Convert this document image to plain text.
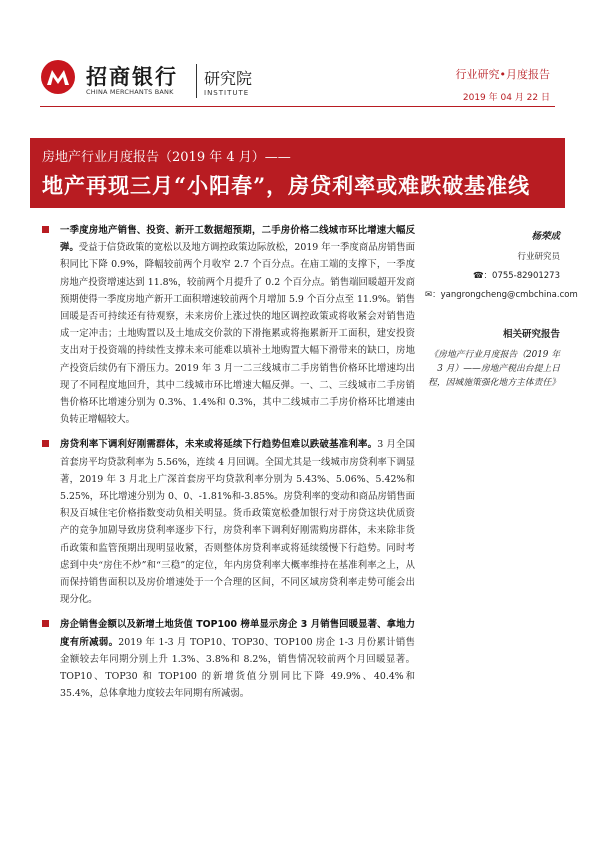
招商银行
CHINA MERCHANTS BANK
研究院
INSTITUTE
行业研究•月度报告
2019 年 04 月 22 日
房地产行业月度报告（2019 年 4 月）——
地产再现三月“小阳春”，房贷利率或难跌破基准线

一季度房地产销售、投资、新开工数据超预期，二手房价格二线城市环比增速大幅反弹。受益于信贷政策的宽松以及地方调控政策边际放松，2019 年一季度商品房销售面积同比下降 0.9%，降幅较前两个月收窄 2.7 个百分点。在庙工端的支撑下，一季度房地产投资增速达到 11.8%，较前两个月提升了 0.2 个百分点。销售端回暖超开发商预期使得一季度房地产新开工面积增速较前两个月增加 5.9 个百分点至 11.9%。销售回暖是否可持续还有待观察，未来房价上涨过快的地区调控政策或将收紧会对销售造成一定冲击；土地购置以及土地成交价款的下滑拖累或将拖累新开工面积，建安投资支出对于投资端的持续性支撑未来可能难以填补土地购置大幅下滑带来的缺口，房地产投资后续仍有下滑压力。2019 年 3 月一二三线城市二手房销售价格环比增速均出现了不同程度地回升，其中二线城市环比增速大幅反弹。一、二、三线城市二手房销售价格环比增速分别为 0.3%、1.4%和 0.3%，其中二线城市二手房价格环比增速由负转正增幅较大。

房贷利率下调利好刚需群体，未来或将延续下行趋势但难以跌破基准利率。3 月全国首套房平均贷款利率为 5.56%，连续 4 月回调。全国尤其是一线城市房贷利率下调显著，2019 年 3 月北上广深首套房平均贷款利率分别为 5.43%、5.06%、5.42%和 5.25%，环比增速分别为 0、0、-1.81%和-3.85%。房贷利率的变动和商品房销售面积及百城住宅价格指数变动负相关明显。货币政策宽松叠加银行对于房贷这块优质资产的竞争加剧导致房贷利率逐步下行，房贷利率下调利好刚需购房群体，未来除非货币政策和监管预期出现明显收紧，否则整体房贷利率或将延续缓慢下行趋势。同时考虑到中央“房住不炒”和“三稳”的定位，年内房贷利率大概率维持在基准利率之上，从而保持销售面积以及房价增速处于一个合理的区间，不同区域房贷利率走势可能会出现分化。

房企销售金额以及新增土地货值 TOP100 榜单显示房企 3 月销售回暖显著、拿地力度有所减弱。2019 年 1-3 月 TOP10、TOP30、TOP100 房企 1-3 月份累计销售金额较去年同期分别上升 1.3%、3.8%和 8.2%，销售情况较前两个月回暖显著。TOP10、TOP30 和 TOP100 的新增货值分别同比下降 49.9%、40.4%和 35.4%，总体拿地力度较去年同期有所减弱。

杨荣成
行业研究员
☎：0755-82901273
✉：yangrongcheng@cmbchina.com
相关研究报告
《房地产行业月度报告（2019 年 3 月）——房地产税出台提上日程，因城施策强化地方主体责任》
